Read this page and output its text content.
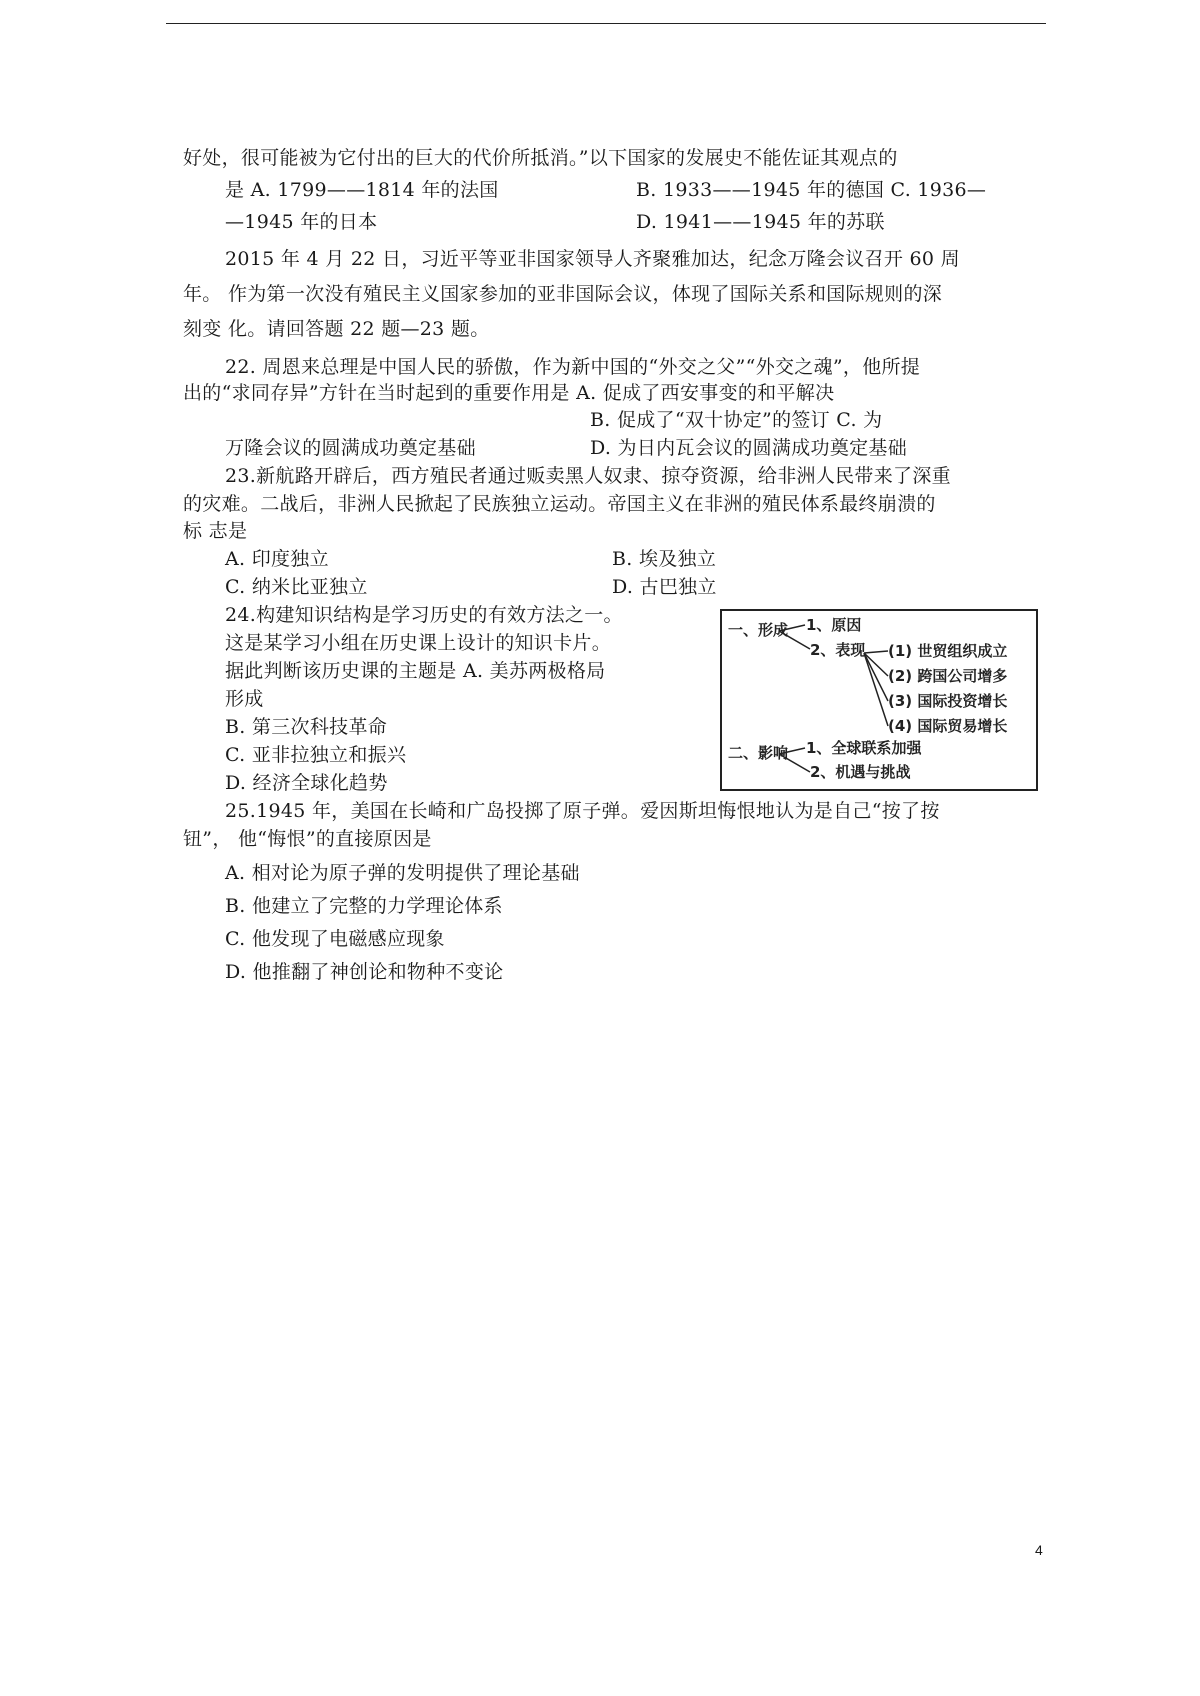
好处，很可能被为它付出的巨大的代价所抵消。”以下国家的发展史不能佐证其观点的
是 A. 1799——1814 年的法国	B. 1933——1945 年的德国 C. 1936—
—1945 年的日本	D. 1941——1945 年的苏联
2015 年 4 月 22 日，习近平等亚非国家领导人齐聚雅加达，纪念万隆会议召开 60 周
年。 作为第一次没有殖民主义国家参加的亚非国际会议，体现了国际关系和国际规则的深
刻变 化。请回答题 22 题—23 题。
22. 周恩来总理是中国人民的骄傲，作为新中国的“外交之父”“外交之魂”，他所提
出的“求同存异”方针在当时起到的重要作用是 A. 促成了西安事变的和平解决
B. 促成了“双十协定”的签订 C. 为
万隆会议的圆满成功奠定基础	D. 为日内瓦会议的圆满成功奠定基础
23.新航路开辟后，西方殖民者通过贩卖黑人奴隶、掠夺资源，给非洲人民带来了深重
的灾难。二战后，非洲人民掀起了民族独立运动。帝国主义在非洲的殖民体系最终崩溃的
标 志是
A. 印度独立	B. 埃及独立
C. 纳米比亚独立	D. 古巴独立
24.构建知识结构是学习历史的有效方法之一。
这是某学习小组在历史课上设计的知识卡片。
据此判断该历史课的主题是 A. 美苏两极格局
形成
B. 第三次科技革命
C. 亚非拉独立和振兴
D. 经济全球化趋势
一、形成 1、原因
2、表现 (1) 世贸组织成立
(2) 跨国公司增多
(3) 国际投资增长
(4) 国际贸易增长
二、影响 1、全球联系加强
2、机遇与挑战
25.1945 年，美国在长崎和广岛投掷了原子弹。爱因斯坦悔恨地认为是自己“按了按
钮”， 他“悔恨”的直接原因是
A. 相对论为原子弹的发明提供了理论基础
B. 他建立了完整的力学理论体系
C. 他发现了电磁感应现象
D. 他推翻了神创论和物种不变论
4
